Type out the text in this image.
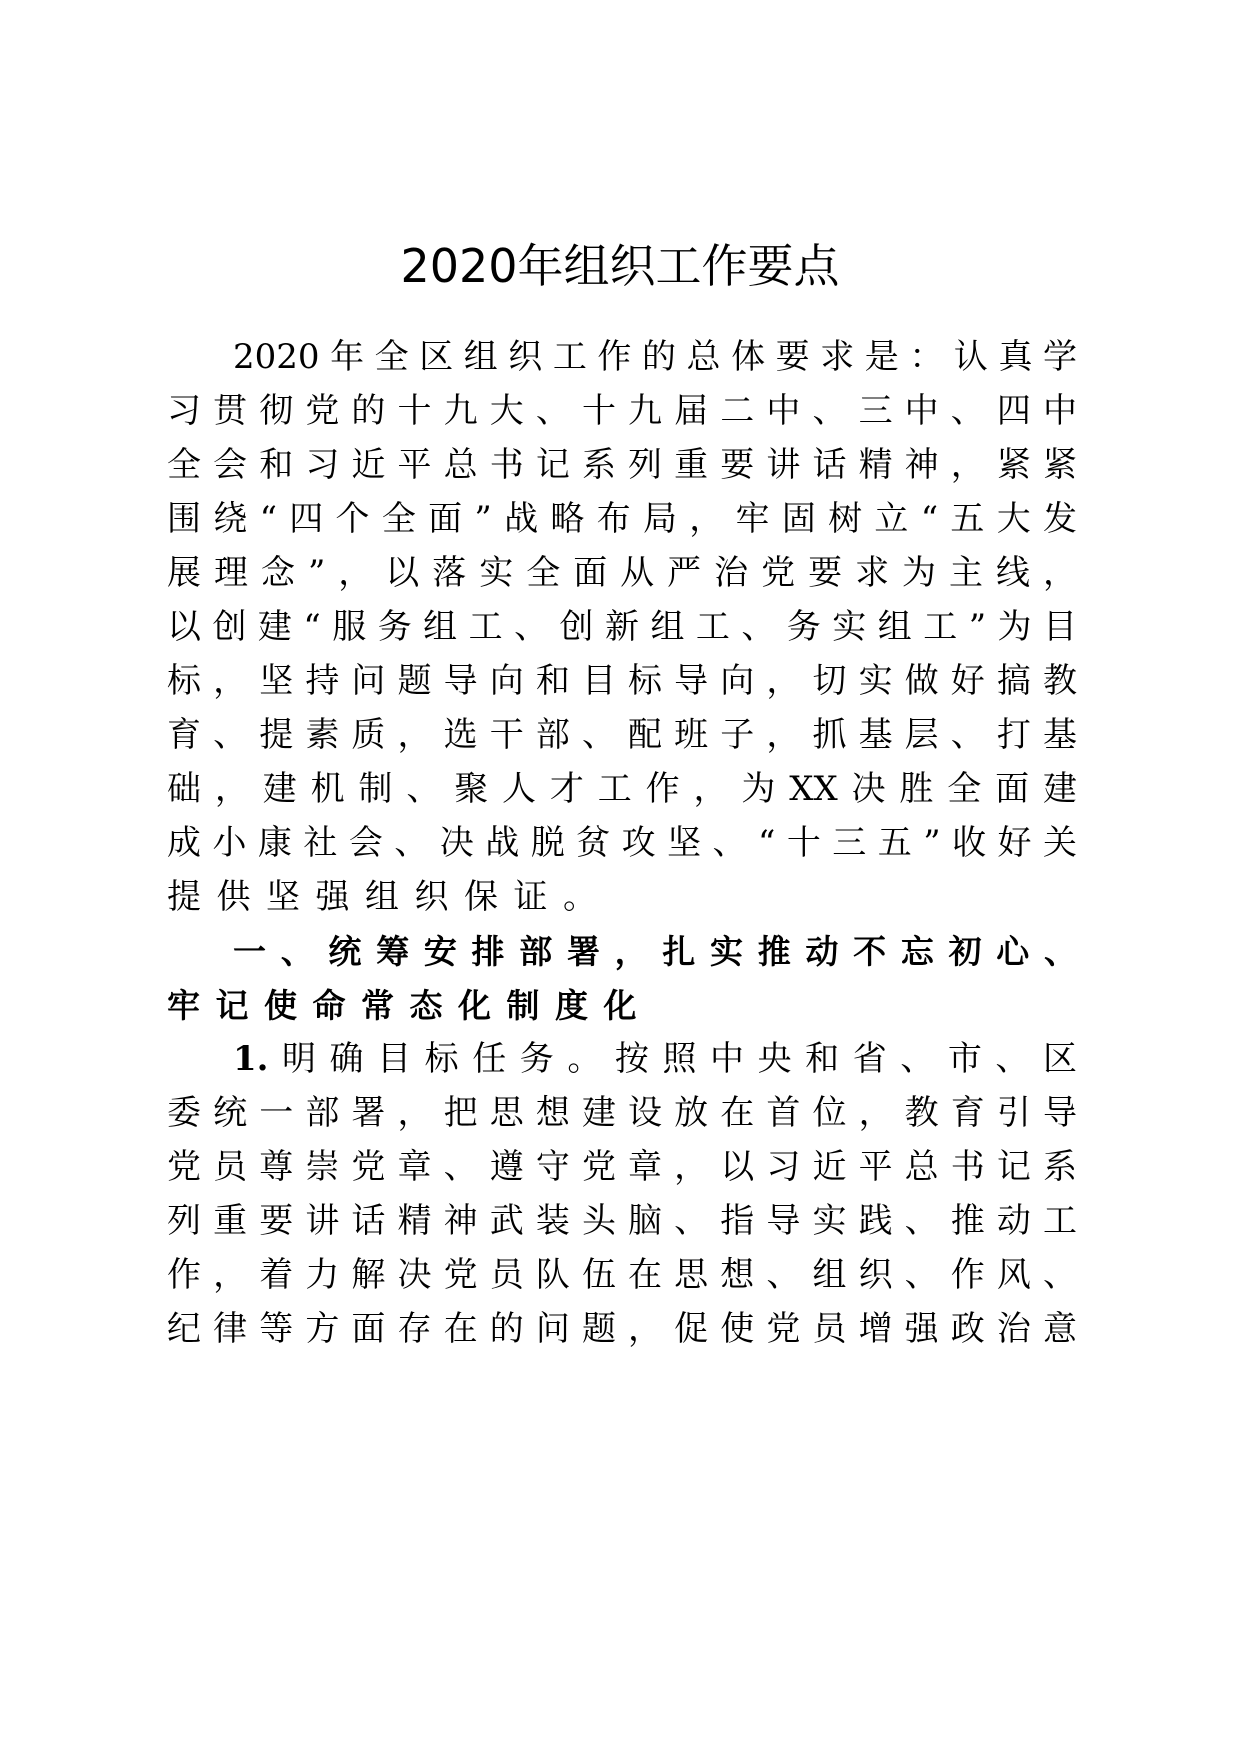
2020年组织工作要点
2020年全区组织工作的总体要求是：认真学
习贯彻党的十九大、十九届二中、三中、四中
全会和习近平总书记系列重要讲话精神，紧紧
围绕“四个全面”战略布局，牢固树立“五大发
展理念”，以落实全面从严治党要求为主线，
以创建“服务组工、创新组工、务实组工”为目
标，坚持问题导向和目标导向，切实做好搞教
育、提素质，选干部、配班子，抓基层、打基
础，建机制、聚人才工作，为XX决胜全面建
成小康社会、决战脱贫攻坚、“十三五”收好关
提供坚强组织保证。
一、统筹安排部署，扎实推动不忘初心、
牢记使命常态化制度化
1. 明确目标任务。按照中央和省、市、区
委统一部署，把思想建设放在首位，教育引导
党员尊崇党章、遵守党章，以习近平总书记系
列重要讲话精神武装头脑、指导实践、推动工
作，着力解决党员队伍在思想、组织、作风、
纪律等方面存在的问题，促使党员增强政治意
